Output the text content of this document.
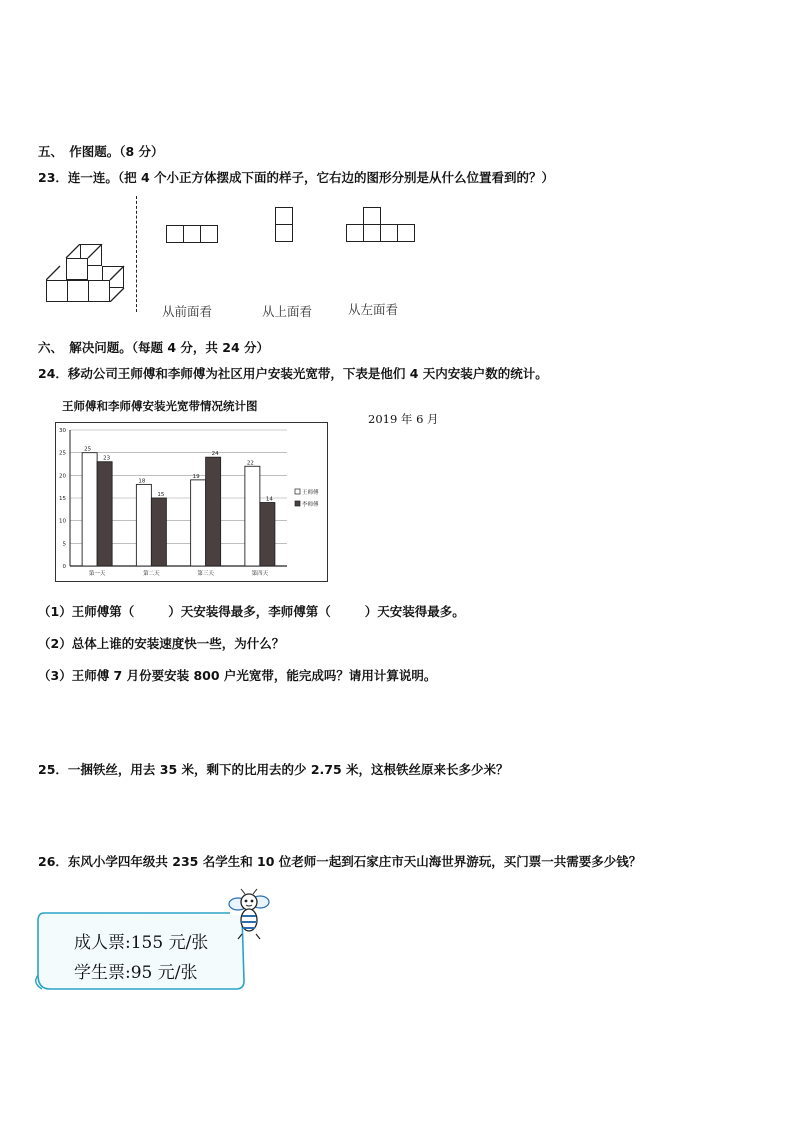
五、　作图题。（8 分）
23．连一连。（把 4 个小正方体摆成下面的样子，它右边的图形分别是从什么位置看到的？）
从前面看	从上面看	从左面看
六、　解决问题。（每题 4 分，共 24 分）
24．移动公司王师傅和李师傅为社区用户安装光宽带，下表是他们 4 天内安装户数的统计。
王师傅和李师傅安装光宽带情况统计图
2019 年 6 月
0
5
10
15
20
25
30
25
23
第一天
18
15
第二天
19
24
第三天
22
14
第四天
王师傅
李师傅
（1）王师傅第（	）天安装得最多，李师傅第（	）天安装得最多。
（2）总体上谁的安装速度快一些，为什么？
（3）王师傅 7 月份要安装 800 户光宽带，能完成吗？请用计算说明。
25．一捆铁丝，用去 35 米，剩下的比用去的少 2.75 米，这根铁丝原来长多少米？
26．东风小学四年级共 235 名学生和 10 位老师一起到石家庄市天山海世界游玩，买门票一共需要多少钱？
成人票:155 元/张
学生票:95 元/张
